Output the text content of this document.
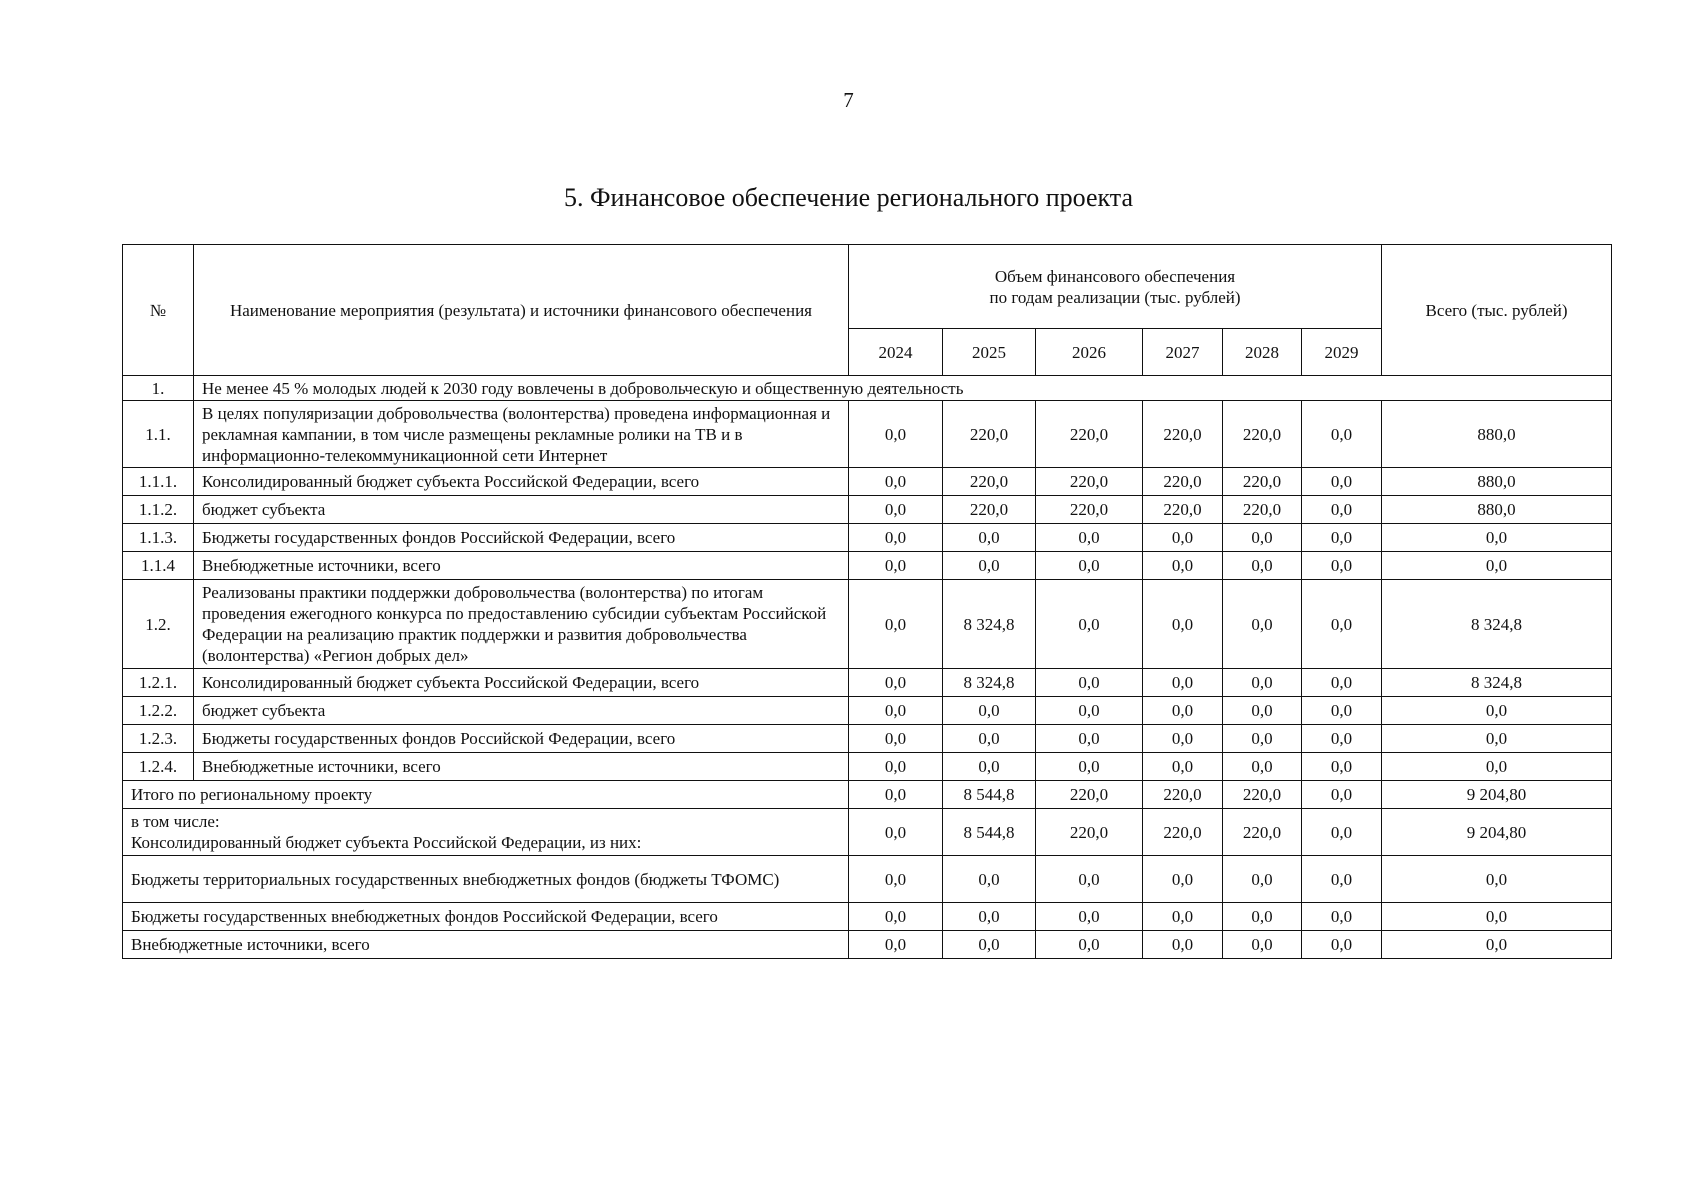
7
5. Финансовое обеспечение регионального проекта
№	Наименование мероприятия (результата) и источники финансового обеспечения	Объем финансового обеспечения
по годам реализации (тыс. рублей)						Всего (тыс. рублей)
		2024	2025	2026	2027	2028	2029	
1.	Не менее 45 % молодых людей к 2030 году вовлечены в добровольческую и общественную деятельность							
1.1.	В целях популяризации добровольчества (волонтерства) проведена информационная и рекламная кампании, в том числе размещены рекламные ролики на ТВ и в информационно-телекоммуникационной сети Интернет	0,0	220,0	220,0	220,0	220,0	0,0	880,0
1.1.1.	Консолидированный бюджет субъекта Российской Федерации, всего	0,0	220,0	220,0	220,0	220,0	0,0	880,0
1.1.2.	бюджет субъекта	0,0	220,0	220,0	220,0	220,0	0,0	880,0
1.1.3.	Бюджеты государственных фондов Российской Федерации, всего	0,0	0,0	0,0	0,0	0,0	0,0	0,0
1.1.4	Внебюджетные источники, всего	0,0	0,0	0,0	0,0	0,0	0,0	0,0
1.2.	Реализованы практики поддержки добровольчества (волонтерства) по итогам проведения ежегодного конкурса по предоставлению субсидии субъектам Российской Федерации на реализацию практик поддержки и развития добровольчества (волонтерства) «Регион добрых дел»	0,0	8 324,8	0,0	0,0	0,0	0,0	8 324,8
1.2.1.	Консолидированный бюджет субъекта Российской Федерации, всего	0,0	8 324,8	0,0	0,0	0,0	0,0	8 324,8
1.2.2.	бюджет субъекта	0,0	0,0	0,0	0,0	0,0	0,0	0,0
1.2.3.	Бюджеты государственных фондов Российской Федерации, всего	0,0	0,0	0,0	0,0	0,0	0,0	0,0
1.2.4.	Внебюджетные источники, всего	0,0	0,0	0,0	0,0	0,0	0,0	0,0

Итого по региональному проекту		0,0	8 544,8	220,0	220,0	220,0	0,0	9 204,80

в том числе:
Консолидированный бюджет субъекта Российской Федерации, из них:		0,0	8 544,8	220,0	220,0	220,0	0,0	9 204,80

Бюджеты территориальных государственных внебюджетных фондов (бюджеты ТФОМС)		0,0	0,0	0,0	0,0	0,0	0,0	0,0

Бюджеты государственных внебюджетных фондов Российской Федерации, всего		0,0	0,0	0,0	0,0	0,0	0,0	0,0

Внебюджетные источники, всего		0,0	0,0	0,0	0,0	0,0	0,0	0,0
